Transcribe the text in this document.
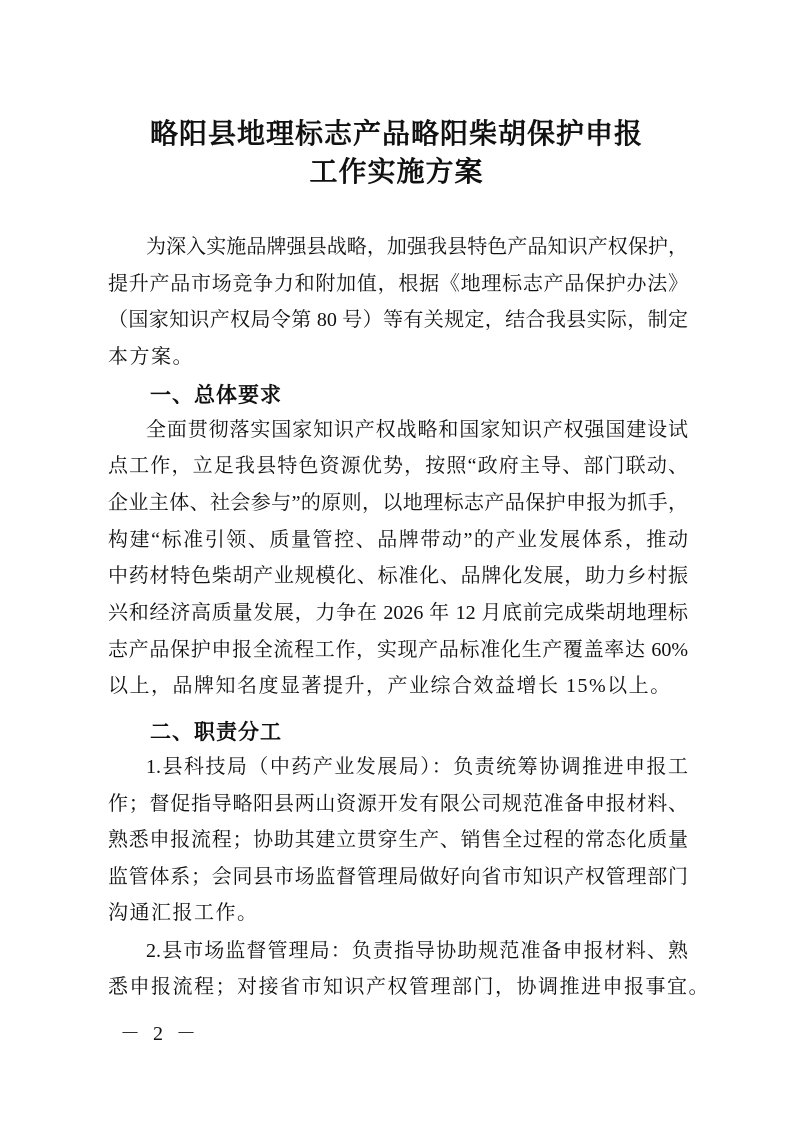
略阳县地理标志产品略阳柴胡保护申报
工作实施方案
为深入实施品牌强县战略，加强我县特色产品知识产权保护，
提升产品市场竞争力和附加值，根据《地理标志产品保护办法》
（国家知识产权局令第 80 号）等有关规定，结合我县实际，制定
本方案。
一、总体要求
全面贯彻落实国家知识产权战略和国家知识产权强国建设试
点工作，立足我县特色资源优势，按照“政府主导、部门联动、
企业主体、社会参与”的原则，以地理标志产品保护申报为抓手，
构建“标准引领、质量管控、品牌带动”的产业发展体系，推动
中药材特色柴胡产业规模化、标准化、品牌化发展，助力乡村振
兴和经济高质量发展，力争在 2026 年 12 月底前完成柴胡地理标
志产品保护申报全流程工作，实现产品标准化生产覆盖率达 60%
以上，品牌知名度显著提升，产业综合效益增长 15%以上。
二、职责分工
1.县科技局（中药产业发展局）：负责统筹协调推进申报工
作；督促指导略阳县两山资源开发有限公司规范准备申报材料、
熟悉申报流程；协助其建立贯穿生产、销售全过程的常态化质量
监管体系；会同县市场监督管理局做好向省市知识产权管理部门
沟通汇报工作。
2.县市场监督管理局：负责指导协助规范准备申报材料、熟
悉申报流程；对接省市知识产权管理部门，协调推进申报事宜。
－ 2 －
